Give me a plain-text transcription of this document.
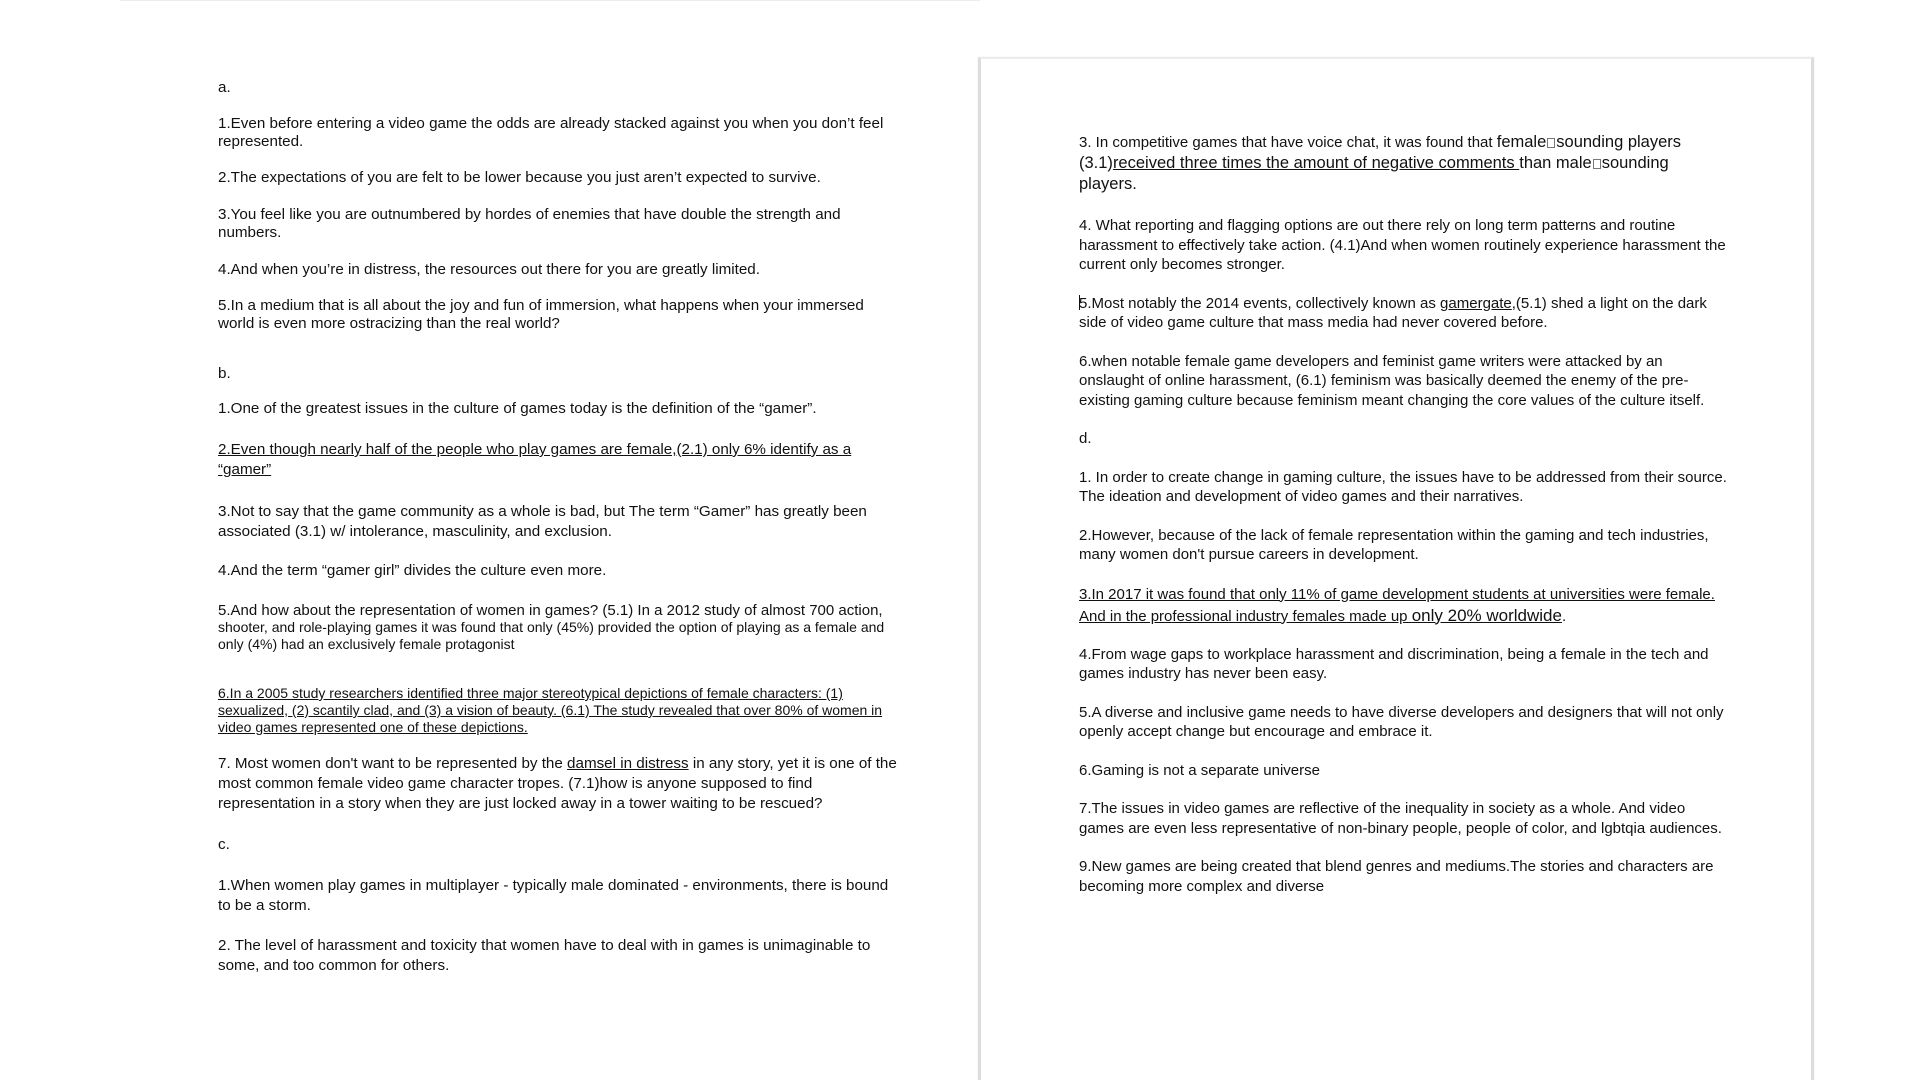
a.

1.Even before entering a video game the odds are already stacked against you when you don’t feel represented.

2.The expectations of you are felt to be lower because you just aren’t expected to survive.

3.You feel like you are outnumbered by hordes of enemies that have double the strength and numbers.

4.And when you’re in distress, the resources out there for you are greatly limited.

5.In a medium that is all about the joy and fun of immersion, what happens when your immersed world is even more ostracizing than the real world?

b.

1.One of the greatest issues in the culture of games today is the definition of the “gamer”.

2.Even though nearly half of the people who play games are female,(2.1) only 6% identify as a “gamer”

3.Not to say that the game community as a whole is bad, but The term “Gamer” has greatly been associated (3.1) w/ intolerance, masculinity, and exclusion.

4.And the term “gamer girl” divides the culture even more.

5.And how about the representation of women in games? (5.1) In a 2012 study of almost 700 action, shooter, and role-playing games it was found that only (45%) provided the option of playing as a female and only (4%) had an exclusively female protagonist

6.In a 2005 study researchers identified three major stereotypical depictions of female characters: (1) sexualized, (2) scantily clad, and (3) a vision of beauty. (6.1) The study revealed that over 80% of women in video games represented one of these depictions.

7. Most women don't want to be represented by the damsel in distress in any story, yet it is one of the most common female video game character tropes. (7.1)how is anyone supposed to find representation in a story when they are just locked away in a tower waiting to be rescued?

c.

1.When women play games in multiplayer - typically male dominated - environments, there is bound to be a storm.

2. The level of harassment and toxicity that women have to deal with in games is unimaginable to some, and too common for others.

3. In competitive games that have voice chat, it was found that female sounding players (3.1)received three times the amount of negative comments than male sounding players.

4. What reporting and flagging options are out there rely on long term patterns and routine harassment to effectively take action. (4.1)And when women routinely experience harassment the current only becomes stronger.

5.Most notably the 2014 events, collectively known as gamergate,(5.1) shed a light on the dark side of video game culture that mass media had never covered before.

6.when notable female game developers and feminist game writers were attacked by an onslaught of online harassment, (6.1) feminism was basically deemed the enemy of the pre-existing gaming culture because feminism meant changing the core values of the culture itself.

d.

1. In order to create change in gaming culture, the issues have to be addressed from their source. The ideation and development of video games and their narratives.

2.However, because of the lack of female representation within the gaming and tech industries, many women don't pursue careers in development.

3.In 2017 it was found that only 11% of game development students at universities were female. And in the professional industry females made up only 20% worldwide.

4.From wage gaps to workplace harassment and discrimination, being a female in the tech and games industry has never been easy.

5.A diverse and inclusive game needs to have diverse developers and designers that will not only openly accept change but encourage and embrace it.

6.Gaming is not a separate universe

7.The issues in video games are reflective of the inequality in society as a whole. And video games are even less representative of non-binary people, people of color, and lgbtqia audiences.

9.New games are being created that blend genres and mediums.The stories and characters are becoming more complex and diverse
